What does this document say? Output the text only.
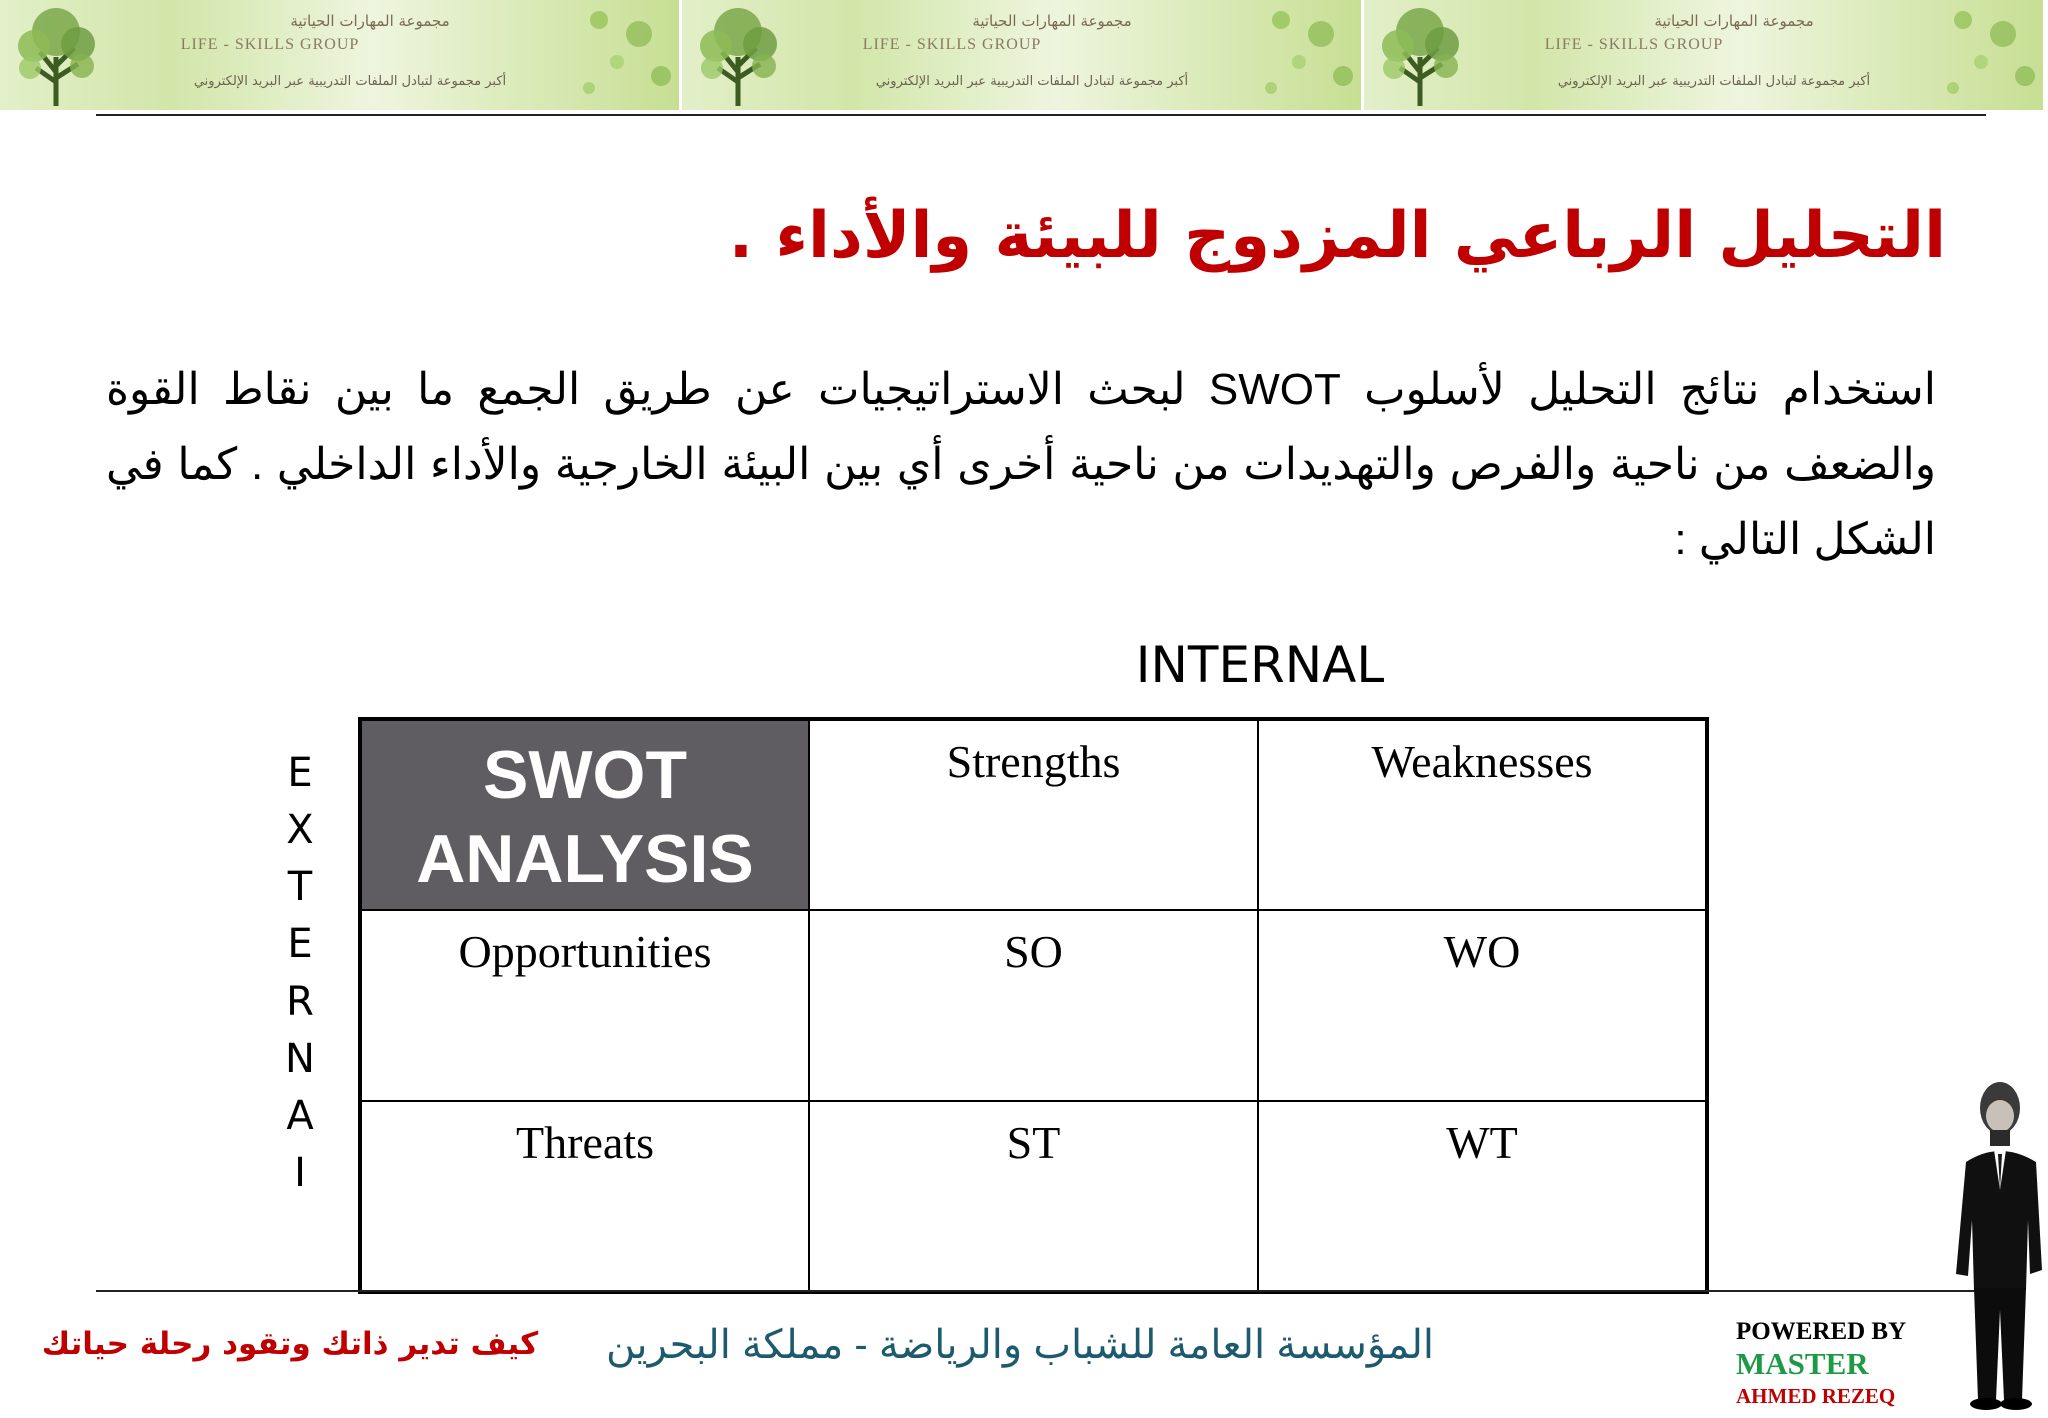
مجموعة المهارات الحياتية
LIFE - SKILLS GROUP
أكبر مجموعة لتبادل الملفات التدريبية عبر البريد الإلكتروني
مجموعة المهارات الحياتية
LIFE - SKILLS GROUP
أكبر مجموعة لتبادل الملفات التدريبية عبر البريد الإلكتروني
مجموعة المهارات الحياتية
LIFE - SKILLS GROUP
أكبر مجموعة لتبادل الملفات التدريبية عبر البريد الإلكتروني
التحليل الرباعي المزدوج للبيئة والأداء .
استخدام نتائج التحليل لأسلوب SWOT لبحث الاستراتيجيات عن طريق الجمع ما بين نقاط القوة والضعف من ناحية والفرص والتهديدات من ناحية أخرى أي بين البيئة الخارجية والأداء الداخلي . كما في الشكل التالي :
INTERNAL
E
X
T
E
R
N
A
I
SWOT
ANALYSIS	Strengths	Weaknesses
Opportunities	SO	WO
Threats	ST	WT
كيف تدير ذاتك وتقود رحلة حياتك	المؤسسة العامة للشباب والرياضة - مملكة البحرين	POWERED BY
MASTER
AHMED REZEQ
